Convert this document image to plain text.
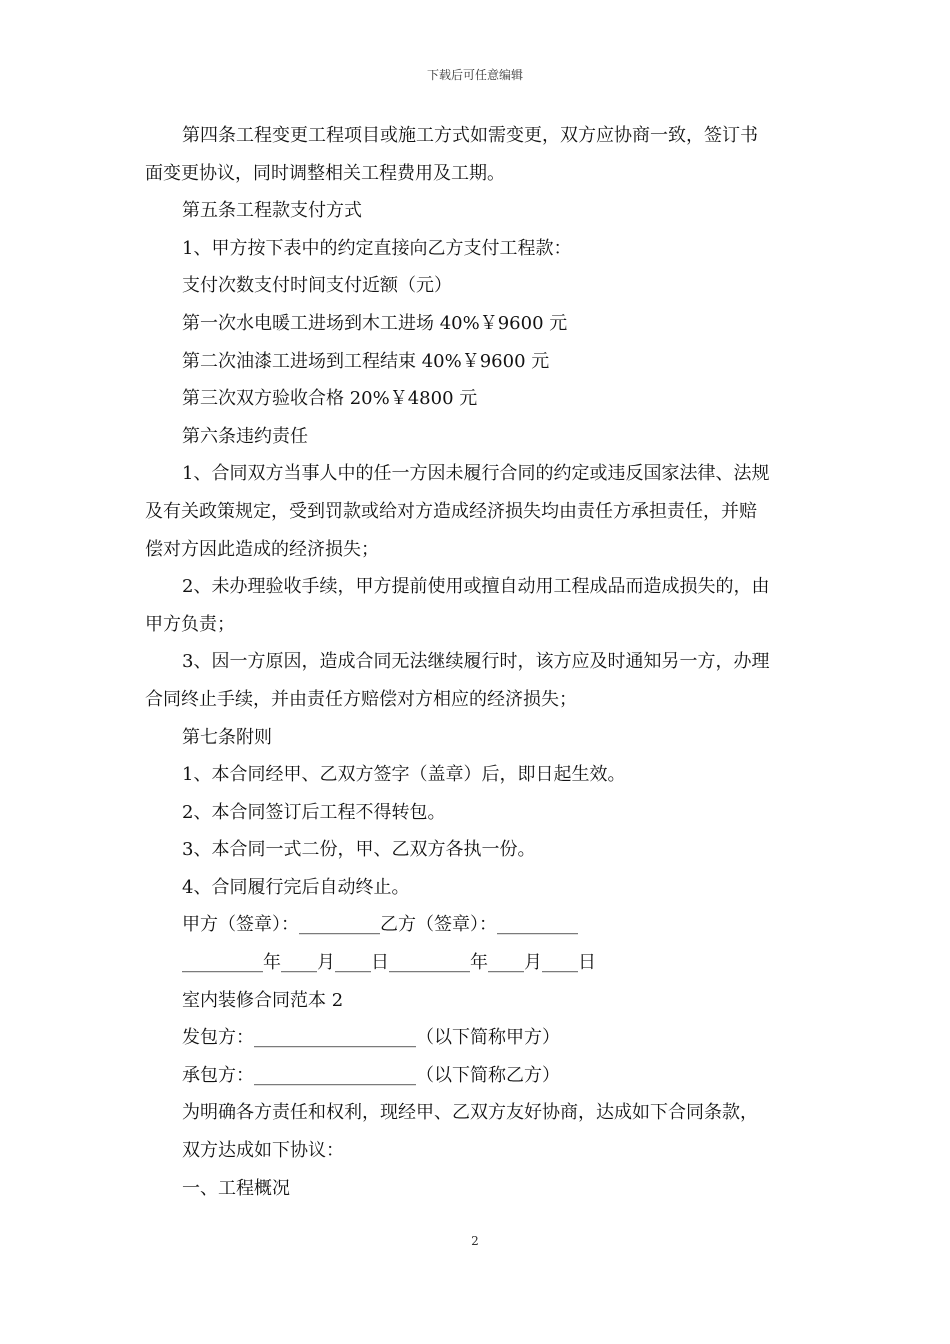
下载后可任意编辑
第四条工程变更工程项目或施工方式如需变更，双方应协商一致，签订书
面变更协议，同时调整相关工程费用及工期。
第五条工程款支付方式
1、甲方按下表中的约定直接向乙方支付工程款：
支付次数支付时间支付近额（元）
第一次水电暖工进场到木工进场 40%￥9600 元
第二次油漆工进场到工程结束 40%￥9600 元
第三次双方验收合格 20%￥4800 元
第六条违约责任
1、合同双方当事人中的任一方因未履行合同的约定或违反国家法律、法规
及有关政策规定，受到罚款或给对方造成经济损失均由责任方承担责任，并赔
偿对方因此造成的经济损失；
2、未办理验收手续，甲方提前使用或擅自动用工程成品而造成损失的，由
甲方负责；
3、因一方原因，造成合同无法继续履行时，该方应及时通知另一方，办理
合同终止手续，并由责任方赔偿对方相应的经济损失；
第七条附则
1、本合同经甲、乙双方签字（盖章）后，即日起生效。
2、本合同签订后工程不得转包。
3、本合同一式二份，甲、乙双方各执一份。
4、合同履行完后自动终止。
甲方（签章）：_________乙方（签章）：_________
_________年____月____日_________年____月____日
室内装修合同范本 2
发包方：__________________（以下简称甲方）
承包方：__________________（以下简称乙方）
为明确各方责任和权利，现经甲、乙双方友好协商，达成如下合同条款，
双方达成如下协议：
一、工程概况
2
